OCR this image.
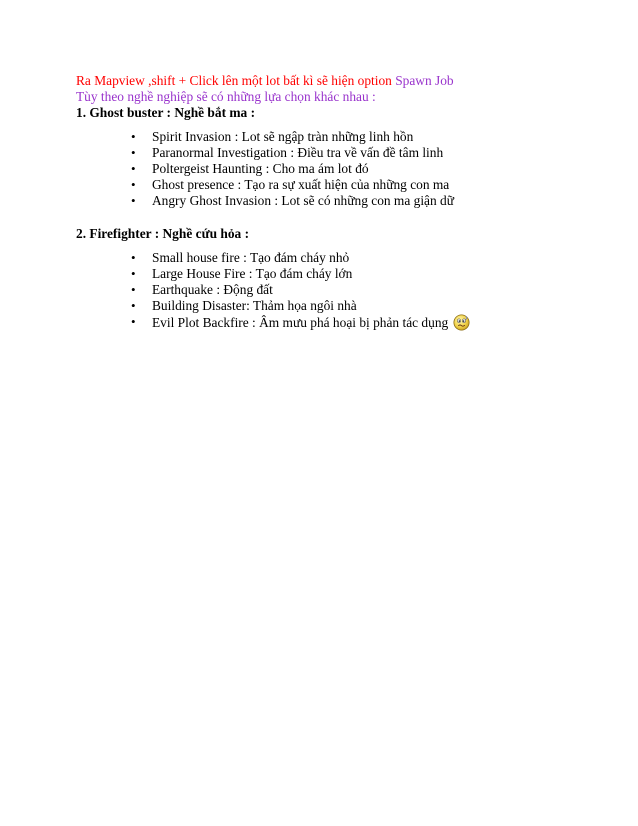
Ra Mapview ,shift + Click lên một lot bất kì sẽ hiện option Spawn Job
Tùy theo nghề nghiệp sẽ có những lựa chọn khác nhau :
1. Ghost buster : Nghề bắt ma :
• Spirit Invasion : Lot sẽ ngập tràn những linh hồn
• Paranormal Investigation : Điều tra về vấn đề tâm linh
• Poltergeist Haunting : Cho ma ám lot đó
• Ghost presence : Tạo ra sự xuất hiện của những con ma
• Angry Ghost Invasion : Lot sẽ có những con ma giận dữ
2. Firefighter : Nghề cứu hỏa :
• Small house fire : Tạo đám cháy nhỏ
• Large House Fire : Tạo đám cháy lớn
• Earthquake : Động đất
• Building Disaster: Thảm họa ngôi nhà
• Evil Plot Backfire : Âm mưu phá hoại bị phản tác dụng
